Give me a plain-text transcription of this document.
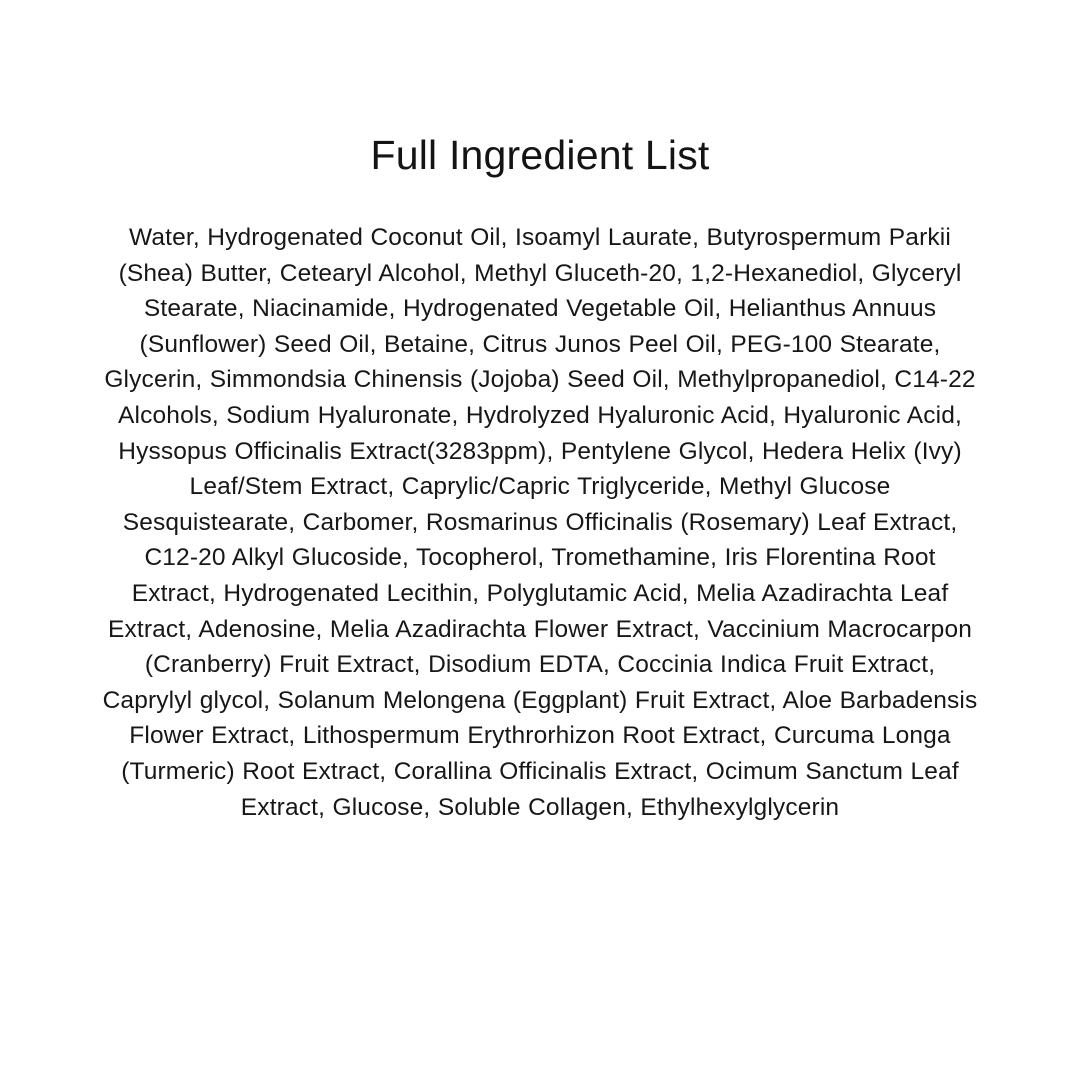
Full Ingredient List
Water, Hydrogenated Coconut Oil, Isoamyl Laurate, Butyrospermum Parkii (Shea) Butter, Cetearyl Alcohol, Methyl Gluceth-20, 1,2-Hexanediol, Glyceryl Stearate, Niacinamide, Hydrogenated Vegetable Oil, Helianthus Annuus (Sunflower) Seed Oil, Betaine, Citrus Junos Peel Oil, PEG-100 Stearate, Glycerin, Simmondsia Chinensis (Jojoba) Seed Oil, Methylpropanediol, C14-22 Alcohols, Sodium Hyaluronate, Hydrolyzed Hyaluronic Acid, Hyaluronic Acid, Hyssopus Officinalis Extract(3283ppm), Pentylene Glycol, Hedera Helix (Ivy) Leaf/Stem Extract, Caprylic/Capric Triglyceride, Methyl Glucose Sesquistearate, Carbomer, Rosmarinus Officinalis (Rosemary) Leaf Extract, C12-20 Alkyl Glucoside, Tocopherol, Tromethamine, Iris Florentina Root Extract, Hydrogenated Lecithin, Polyglutamic Acid, Melia Azadirachta Leaf Extract, Adenosine, Melia Azadirachta Flower Extract, Vaccinium Macrocarpon (Cranberry) Fruit Extract, Disodium EDTA, Coccinia Indica Fruit Extract, Caprylyl glycol, Solanum Melongena (Eggplant) Fruit Extract, Aloe Barbadensis Flower Extract, Lithospermum Erythrorhizon Root Extract, Curcuma Longa (Turmeric) Root Extract, Corallina Officinalis Extract, Ocimum Sanctum Leaf Extract, Glucose, Soluble Collagen, Ethylhexylglycerin
